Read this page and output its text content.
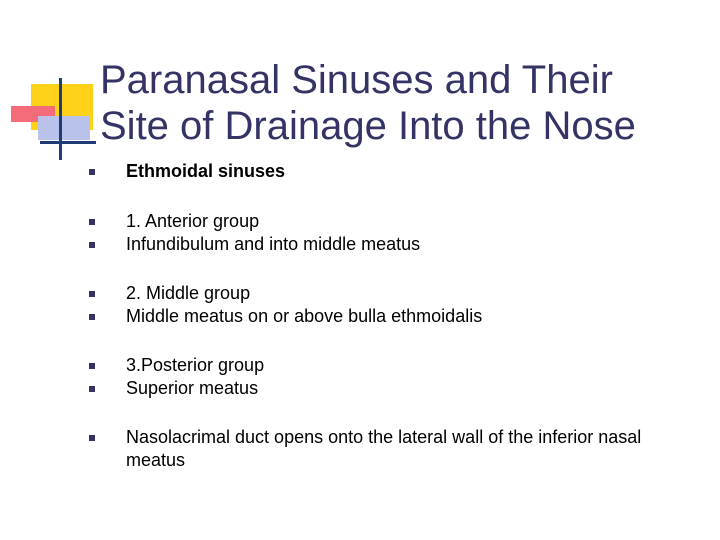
Paranasal Sinuses and Their
Site of Drainage Into the Nose
Ethmoidal sinuses
1. Anterior group
Infundibulum and into middle meatus
2. Middle group
Middle meatus on or above bulla ethmoidalis
3.Posterior group
Superior meatus
Nasolacrimal duct opens onto the lateral wall of the inferior nasal meatus
